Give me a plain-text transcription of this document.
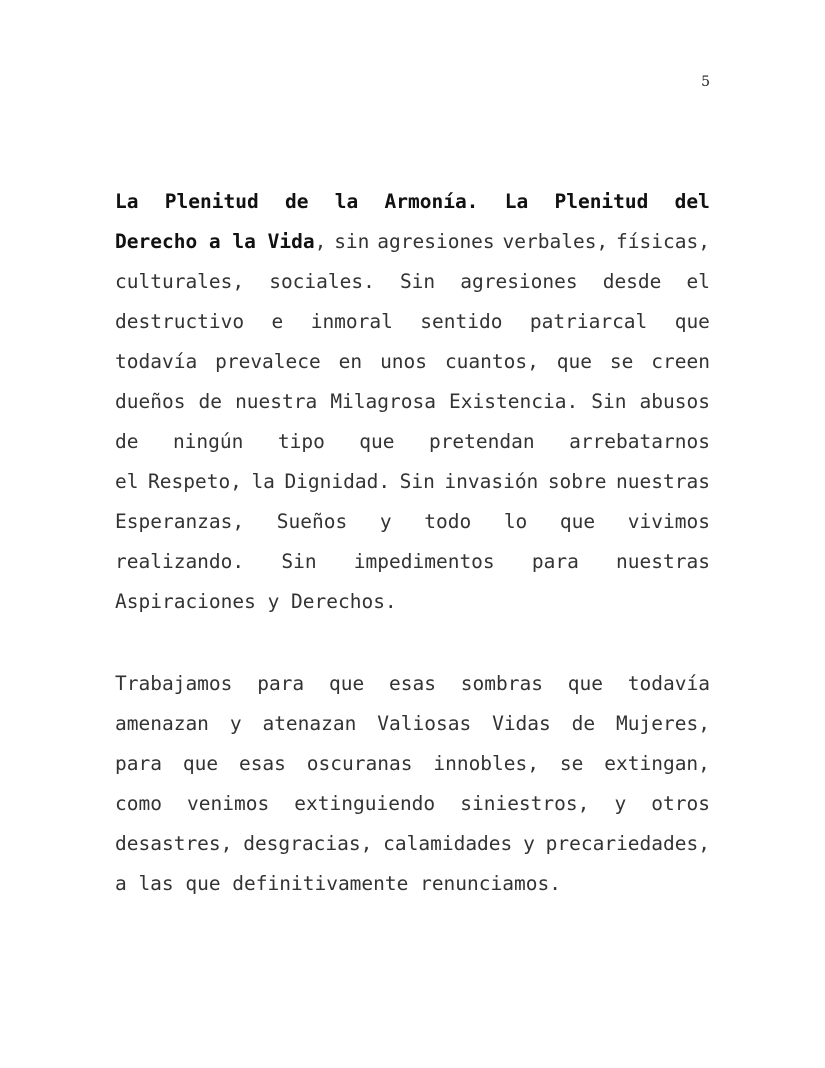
5
La Plenitud de la Armonía. La Plenitud del
Derecho a la Vida, sin agresiones verbales, físicas,
culturales, sociales. Sin agresiones desde el
destructivo e inmoral sentido patriarcal que
todavía prevalece en unos cuantos, que se creen
dueños de nuestra Milagrosa Existencia. Sin abusos
de ningún tipo que pretendan arrebatarnos
el Respeto, la Dignidad. Sin invasión sobre nuestras
Esperanzas, Sueños y todo lo que vivimos
realizando. Sin impedimentos para nuestras
Aspiraciones y Derechos.
Trabajamos para que esas sombras que todavía
amenazan y atenazan Valiosas Vidas de Mujeres,
para que esas oscuranas innobles, se extingan,
como venimos extinguiendo siniestros, y otros
desastres, desgracias, calamidades y precariedades,
a las que definitivamente renunciamos.
